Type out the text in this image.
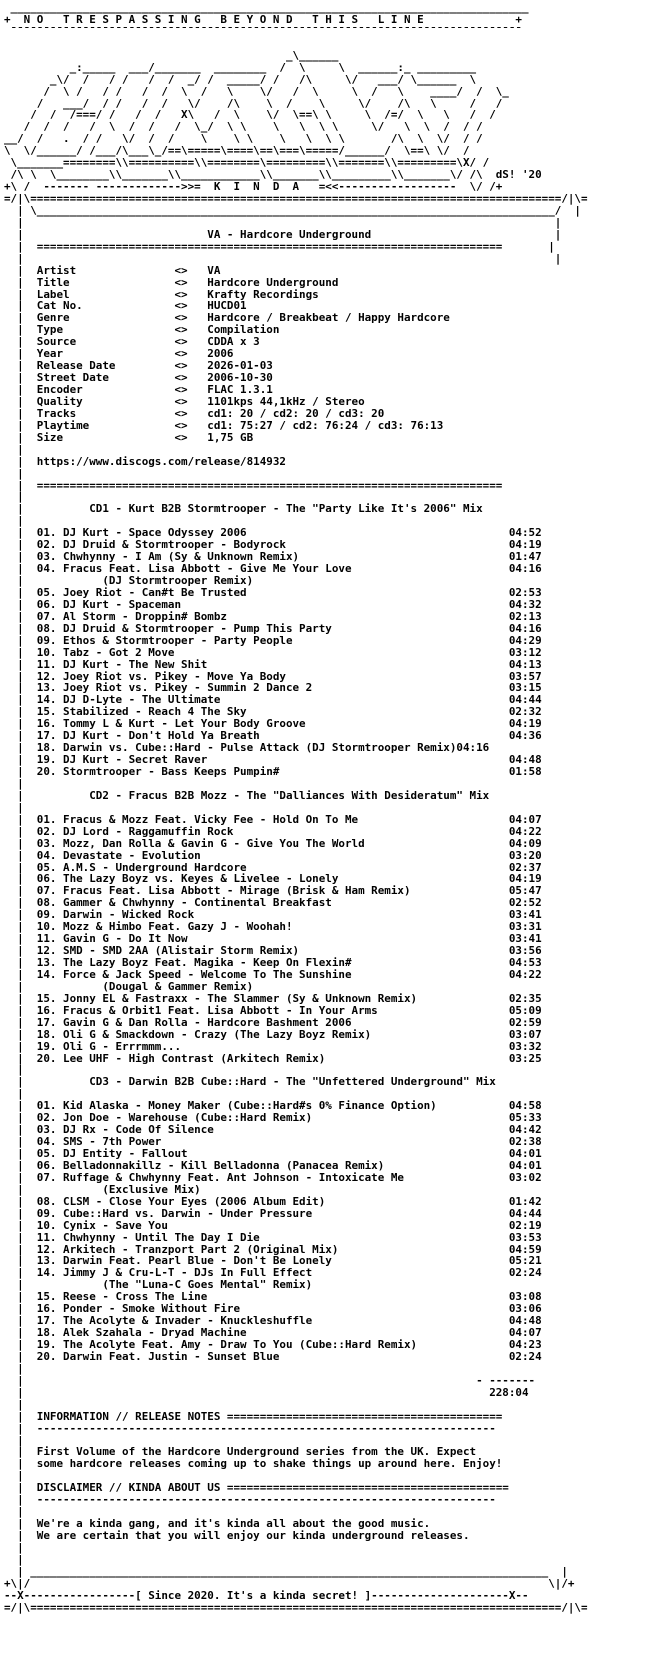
_______________________________________________________________________________
+  N O   T R E S P A S S I N G   B E Y O N D   T H I S   L I N E              +
¯¯¯¯¯¯¯¯¯¯¯¯¯¯¯¯¯¯¯¯¯¯¯¯¯¯¯¯¯¯¯¯¯¯¯¯¯¯¯¯¯¯¯¯¯¯¯¯¯¯¯¯¯¯¯¯¯¯¯¯¯¯¯¯¯¯¯¯¯¯¯¯¯¯¯¯¯¯
_\______
_:_____  ___/_______  ________  /  \     \  ______:_ _________
_\/  /   / /   /  /  _/ /  _____/ /   /\     \/   ___/ \______  \
/  \ /   / /   /  /  \  /   \    \/   /  \     \  /   \    ____/  /  \_
/   ___/  / /   /  /   \/    /\    \  /    \     \/    /\   \     /   /
/  /  /===/ /   /  /   X\   /  \    \/  \==\ \     \  /=/  \   \   /  /
/  /  /   /  \  /  /   /  \_/  \ \    \   \  \ \     \/   \  \  /  / /
__/  /   .  / /   \/  /  /    \    \ \    \   \  \ \       /\  \  \/  / /
\  \/______/ /___/\___\_/==\=====\====\==\===\=====/______/  \==\ \/  /
\_______========\\==========\\========\=========\\=======\\=========\X/ /
/\ \  \________\\_______\\____________\\_______\\_________\\_______\/ /\  dS! '20
+\ /  ------- ------------->>=  K  I  N  D  A   =<<------------------  \/ /+
=/|\=================================================================================/|\=
| \_______________________________________________________________________________/  |
|                                                                                 |
|                            VA - Hardcore Underground                            |
|  =======================================================================       |
|                                                                                 |
|  Artist               <>   VA
|  Title                <>   Hardcore Underground
|  Label                <>   Krafty Recordings
|  Cat No.              <>   HUCD01
|  Genre                <>   Hardcore / Breakbeat / Happy Hardcore
|  Type                 <>   Compilation
|  Source               <>   CDDA x 3
|  Year                 <>   2006
|  Release Date         <>   2026-01-03
|  Street Date          <>   2006-10-30
|  Encoder              <>   FLAC 1.3.1
|  Quality              <>   1101kps 44,1kHz / Stereo
|  Tracks               <>   cd1: 20 / cd2: 20 / cd3: 20
|  Playtime             <>   cd1: 75:27 / cd2: 76:24 / cd3: 76:13
|  Size                 <>   1,75 GB
|
|  https://www.discogs.com/release/814932
|
|  =======================================================================
|
|          CD1 - Kurt B2B Stormtrooper - The "Party Like It's 2006" Mix
|
|  01. DJ Kurt - Space Odyssey 2006                                        04:52
|  02. DJ Druid & Stormtrooper - Bodyrock                                  04:19
|  03. Chwhynny - I Am (Sy & Unknown Remix)                                01:47
|  04. Fracus Feat. Lisa Abbott - Give Me Your Love                        04:16
|            (DJ Stormtrooper Remix)
|  05. Joey Riot - Can#t Be Trusted                                        02:53
|  06. DJ Kurt - Spaceman                                                  04:32
|  07. Al Storm - Droppin# Bombz                                           02:13
|  08. DJ Druid & Stormtrooper - Pump This Party                           04:16
|  09. Ethos & Stormtrooper - Party People                                 04:29
|  10. Tabz - Got 2 Move                                                   03:12
|  11. DJ Kurt - The New Shit                                              04:13
|  12. Joey Riot vs. Pikey - Move Ya Body                                  03:57
|  13. Joey Riot vs. Pikey - Summin 2 Dance 2                              03:15
|  14. DJ D-Lyte - The Ultimate                                            04:44
|  15. Stabilized - Reach 4 The Sky                                        02:32
|  16. Tommy L & Kurt - Let Your Body Groove                               04:19
|  17. DJ Kurt - Don't Hold Ya Breath                                      04:36
|  18. Darwin vs. Cube::Hard - Pulse Attack (DJ Stormtrooper Remix)04:16
|  19. DJ Kurt - Secret Raver                                              04:48
|  20. Stormtrooper - Bass Keeps Pumpin#                                   01:58
|
|          CD2 - Fracus B2B Mozz - The "Dalliances With Desideratum" Mix
|
|  01. Fracus & Mozz Feat. Vicky Fee - Hold On To Me                       04:07
|  02. DJ Lord - Raggamuffin Rock                                          04:22
|  03. Mozz, Dan Rolla & Gavin G - Give You The World                      04:09
|  04. Devastate - Evolution                                               03:20
|  05. A.M.S - Underground Hardcore                                        02:37
|  06. The Lazy Boyz vs. Keyes & Livelee - Lonely                          04:19
|  07. Fracus Feat. Lisa Abbott - Mirage (Brisk & Ham Remix)               05:47
|  08. Gammer & Chwhynny - Continental Breakfast                           02:52
|  09. Darwin - Wicked Rock                                                03:41
|  10. Mozz & Himbo Feat. Gazy J - Woohah!                                 03:31
|  11. Gavin G - Do It Now                                                 03:41
|  12. SMD - SMD 2AA (Alistair Storm Remix)                                03:56
|  13. The Lazy Boyz Feat. Magika - Keep On Flexin#                        04:53
|  14. Force & Jack Speed - Welcome To The Sunshine                        04:22
|            (Dougal & Gammer Remix)
|  15. Jonny EL & Fastraxx - The Slammer (Sy & Unknown Remix)              02:35
|  16. Fracus & Orbit1 Feat. Lisa Abbott - In Your Arms                    05:09
|  17. Gavin G & Dan Rolla - Hardcore Bashment 2006                        02:59
|  18. Oli G & Smackdown - Crazy (The Lazy Boyz Remix)                     03:07
|  19. Oli G - Errrmmm...                                                  03:32
|  20. Lee UHF - High Contrast (Arkitech Remix)                            03:25
|
|          CD3 - Darwin B2B Cube::Hard - The "Unfettered Underground" Mix
|
|  01. Kid Alaska - Money Maker (Cube::Hard#s 0% Finance Option)           04:58
|  02. Jon Doe - Warehouse (Cube::Hard Remix)                              05:33
|  03. DJ Rx - Code Of Silence                                             04:42
|  04. SMS - 7th Power                                                     02:38
|  05. DJ Entity - Fallout                                                 04:01
|  06. Belladonnakillz - Kill Belladonna (Panacea Remix)                   04:01
|  07. Ruffage & Chwhynny Feat. Ant Johnson - Intoxicate Me                03:02
|            (Exclusive Mix)
|  08. CLSM - Close Your Eyes (2006 Album Edit)                            01:42
|  09. Cube::Hard vs. Darwin - Under Pressure                              04:44
|  10. Cynix - Save You                                                    02:19
|  11. Chwhynny - Until The Day I Die                                      03:53
|  12. Arkitech - Tranzport Part 2 (Original Mix)                          04:59
|  13. Darwin Feat. Pearl Blue - Don't Be Lonely                           05:21
|  14. Jimmy J & Cru-L-T - DJs In Full Effect                              02:24
|            (The "Luna-C Goes Mental" Remix)
|  15. Reese - Cross The Line                                              03:08
|  16. Ponder - Smoke Without Fire                                         03:06
|  17. The Acolyte & Invader - Knuckleshuffle                              04:48
|  18. Alek Szahala - Dryad Machine                                        04:07
|  19. The Acolyte Feat. Amy - Draw To You (Cube::Hard Remix)              04:23
|  20. Darwin Feat. Justin - Sunset Blue                                   02:24
|
|                                                                     - -------
|                                                                       228:04
|
|  INFORMATION // RELEASE NOTES ==========================================
|  ----------------------------------------------------------------------
|
|  First Volume of the Hardcore Underground series from the UK. Expect
|  some hardcore releases coming up to shake things up around here. Enjoy!
|
|  DISCLAIMER // KINDA ABOUT US ===========================================
|  ----------------------------------------------------------------------
|
|  We're a kinda gang, and it's kinda all about the good music.
|  We are certain that you will enjoy our kinda underground releases.
|
|
| _______________________________________________________________________________  |
+\|/                                                                               \|/+
--X-----------------[ Since 2020. It's a kinda secret! ]---------------------X--
=/|\=================================================================================/|\=
